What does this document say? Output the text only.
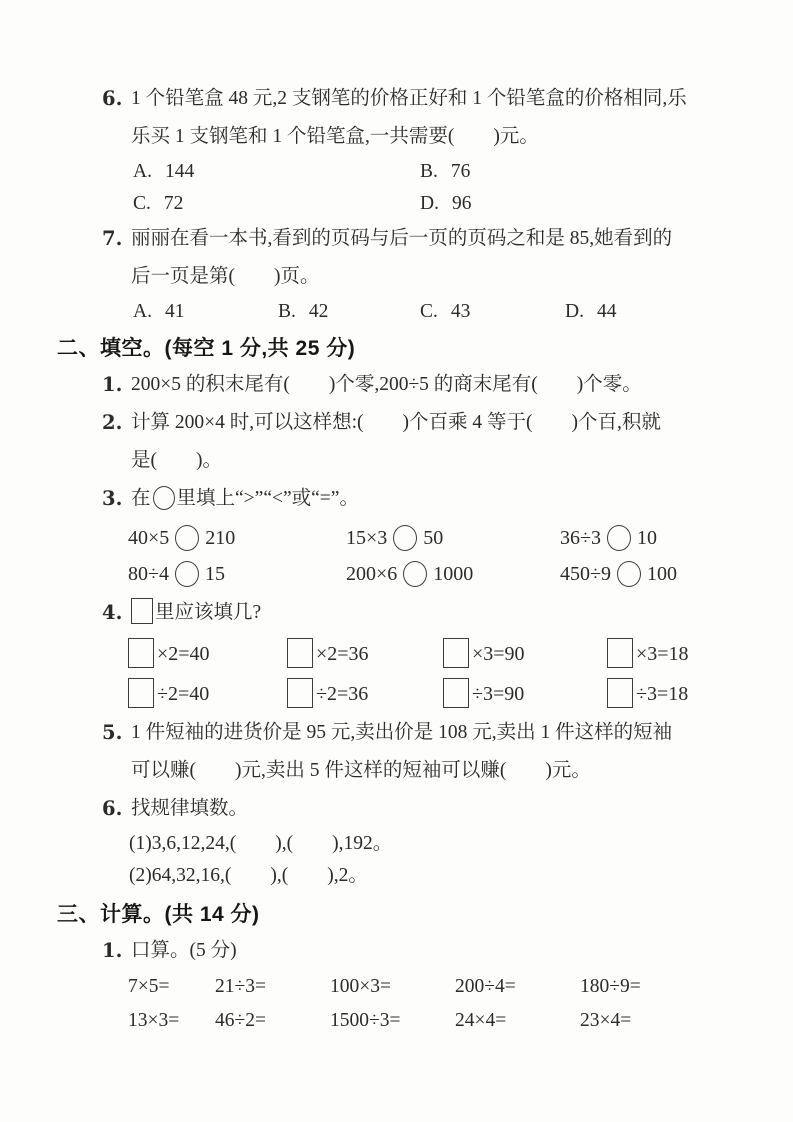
6. 1 个铅笔盒 48 元,2 支钢笔的价格正好和 1 个铅笔盒的价格相同,乐
乐买 1 支钢笔和 1 个铅笔盒,一共需要(　　)元。
A. 144	B. 76
C. 72	D. 96
7. 丽丽在看一本书,看到的页码与后一页的页码之和是 85,她看到的
后一页是第(　　)页。
A. 41	B. 42	C. 43	D. 44
二、填空。(每空 1 分,共 25 分)
1. 200×5 的积末尾有(　　)个零,200÷5 的商末尾有(　　)个零。
2. 计算 200×4 时,可以这样想:(　　)个百乘 4 等于(　　)个百,积就
是(　　)。
3. 在 里填上“>”“<”或“=”。
40×5 210	15×3 50	36÷3 10
80÷4 15	200×6 1000	450÷9 100
4. 里应该填几?
×2=40	×2=36	×3=90	×3=18
÷2=40	÷2=36	÷3=90	÷3=18
5. 1 件短袖的进货价是 95 元,卖出价是 108 元,卖出 1 件这样的短袖
可以赚(　　)元,卖出 5 件这样的短袖可以赚(　　)元。
6. 找规律填数。
(1)3,6,12,24,(　　),(　　),192。
(2)64,32,16,(　　),(　　),2。
三、计算。(共 14 分)
1. 口算。(5 分)
7×5=	21÷3=	100×3=	200÷4=	180÷9=
13×3=	46÷2=	1500÷3=	24×4=	23×4=
